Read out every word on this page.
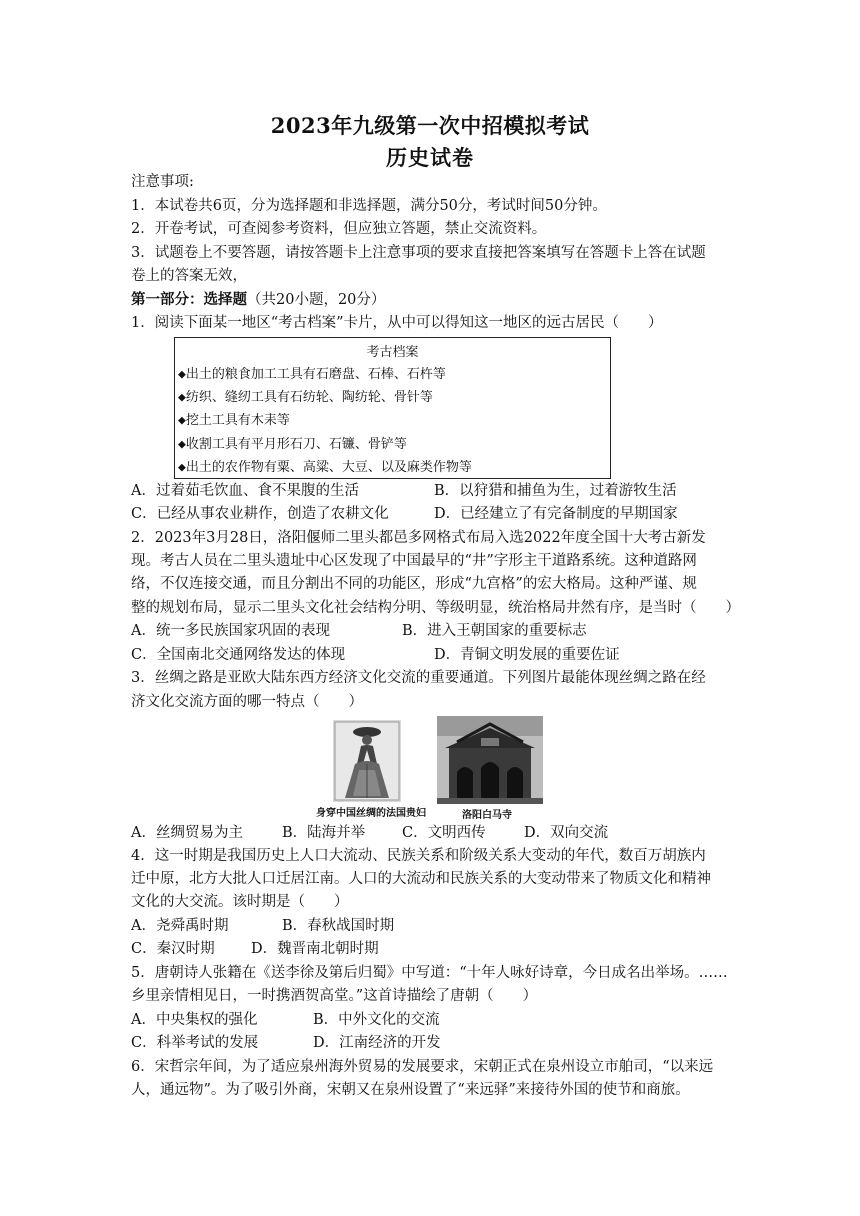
2023年九级第一次中招模拟考试
历史试卷
注意事项:
1．本试卷共6页，分为选择题和非选择题，满分50分，考试时间50分钟。
2．开卷考试，可查阅参考资料，但应独立答题，禁止交流资料。
3．试题卷上不要答题，请按答题卡上注意事项的要求直接把答案填写在答题卡上答在试题
卷上的答案无效，
第一部分：选择题（共20小题，20分）
1．阅读下面某一地区“考古档案”卡片，从中可以得知这一地区的远古居民（　　）
考古档案
◆出土的粮食加工工具有石磨盘、石棒、石杵等
◆纺织、缝纫工具有石纺轮、陶纺轮、骨针等
◆挖土工具有木耒等
◆收割工具有平月形石刀、石镰、骨铲等
◆出土的农作物有粟、高粱、大豆、以及麻类作物等
A．过着茹毛饮血、食不果腹的生活	B．以狩猎和捕鱼为生，过着游牧生活
C．已经从事农业耕作，创造了农耕文化	D．已经建立了有完备制度的早期国家
2．2023年3月28日，洛阳偃师二里头都邑多网格式布局入选2022年度全国十大考古新发
现。考古人员在二里头遗址中心区发现了中国最早的“井”字形主干道路系统。这种道路网
络，不仅连接交通，而且分割出不同的功能区，形成“九宫格”的宏大格局。这种严谨、规
整的规划布局，显示二里头文化社会结构分明、等级明显，统治格局井然有序，是当时（　　）
A．统一多民族国家巩固的表现	B．进入王朝国家的重要标志
C．全国南北交通网络发达的体现	D．青铜文明发展的重要佐证
3．丝绸之路是亚欧大陆东西方经济文化交流的重要通道。下列图片最能体现丝绸之路在经
济文化交流方面的哪一特点（　　）
身穿中国丝绸的法国贵妇	洛阳白马寺
A．丝绸贸易为主	B．陆海并举	C．文明西传	D．双向交流
4．这一时期是我国历史上人口大流动、民族关系和阶级关系大变动的年代，数百万胡族内
迁中原，北方大批人口迁居江南。人口的大流动和民族关系的大变动带来了物质文化和精神
文化的大交流。该时期是（　　）
A．尧舜禹时期	B．春秋战国时期
C．秦汉时期	D．魏晋南北朝时期
5．唐朝诗人张籍在《送李徐及第后归蜀》中写道：“十年人咏好诗章，今日成名出举场。……
乡里亲情相见日，一时携酒贺高堂。”这首诗描绘了唐朝（　　）
A．中央集权的强化	B．中外文化的交流
C．科举考试的发展	D．江南经济的开发
6．宋哲宗年间，为了适应泉州海外贸易的发展要求，宋朝正式在泉州设立市舶司，“以来远
人，通远物”。为了吸引外商，宋朝又在泉州设置了“来远驿”来接待外国的使节和商旅。
